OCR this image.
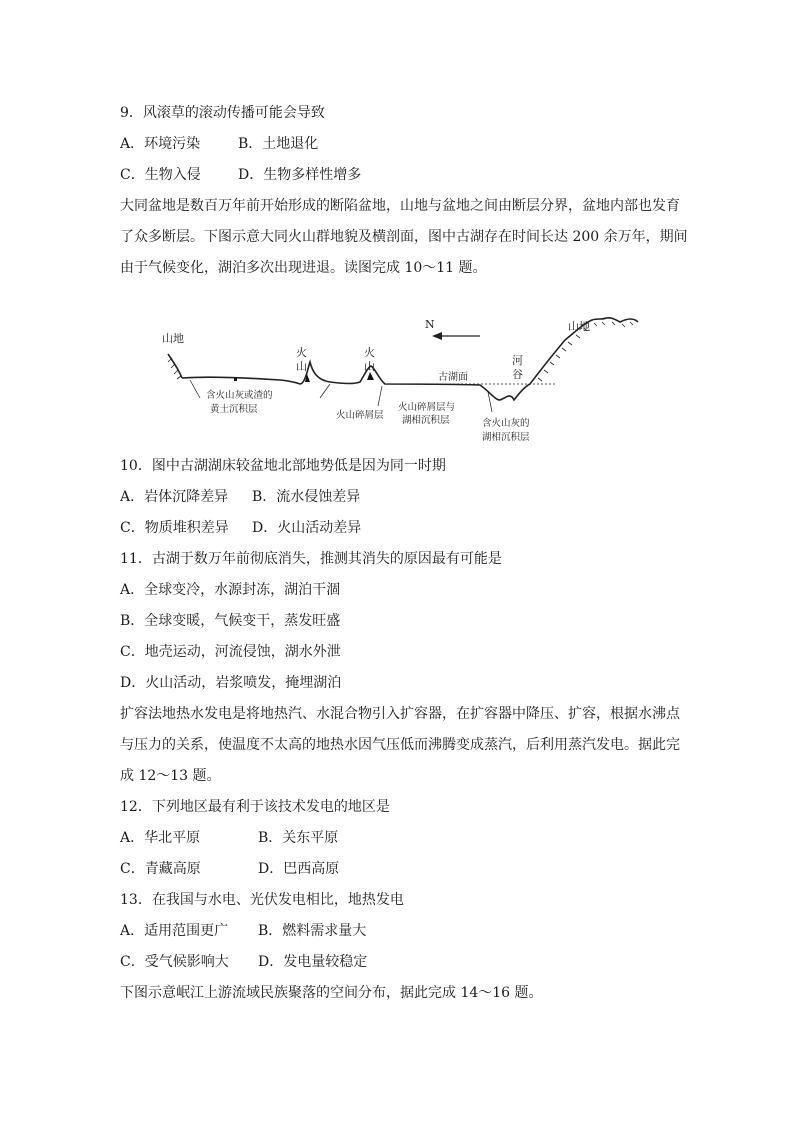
9．风滚草的滚动传播可能会导致
A．环境污染	B．土地退化
C．生物入侵	D．生物多样性增多
大同盆地是数百万年前开始形成的断陷盆地，山地与盆地之间由断层分界，盆地内部也发育
了众多断层。下图示意大同火山群地貌及横剖面，图中古湖存在时间长达 200 余万年，期间
由于气候变化，湖泊多次出现进退。读图完成 10～11 题。
N
山地
山地
火
山
火
山	河
谷
古湖面
含火山灰或渣的
黄土沉积层
火山碎屑层
火山碎屑层与
湖相沉积层	含火山灰的
湖相沉积层
10．图中古湖湖床较盆地北部地势低是因为同一时期
A．岩体沉降差异 B．流水侵蚀差异
C．物质堆积差异 D．火山活动差异
11．古湖于数万年前彻底消失，推测其消失的原因最有可能是
A．全球变冷，水源封冻，湖泊干涸
B．全球变暖，气候变干，蒸发旺盛
C．地壳运动，河流侵蚀，湖水外泄
D．火山活动，岩浆喷发，掩埋湖泊
扩容法地热水发电是将地热汽、水混合物引入扩容器，在扩容器中降压、扩容，根据水沸点
与压力的关系，使温度不太高的地热水因气压低而沸腾变成蒸汽，后利用蒸汽发电。据此完
成 12～13 题。
12．下列地区最有利于该技术发电的地区是
A．华北平原	B．关东平原
C．青藏高原	D．巴西高原
13．在我国与水电、光伏发电相比，地热发电
A．适用范围更广 B．燃料需求量大
C．受气候影响大 D．发电量较稳定
下图示意岷江上游流域民族聚落的空间分布，据此完成 14～16 题。
